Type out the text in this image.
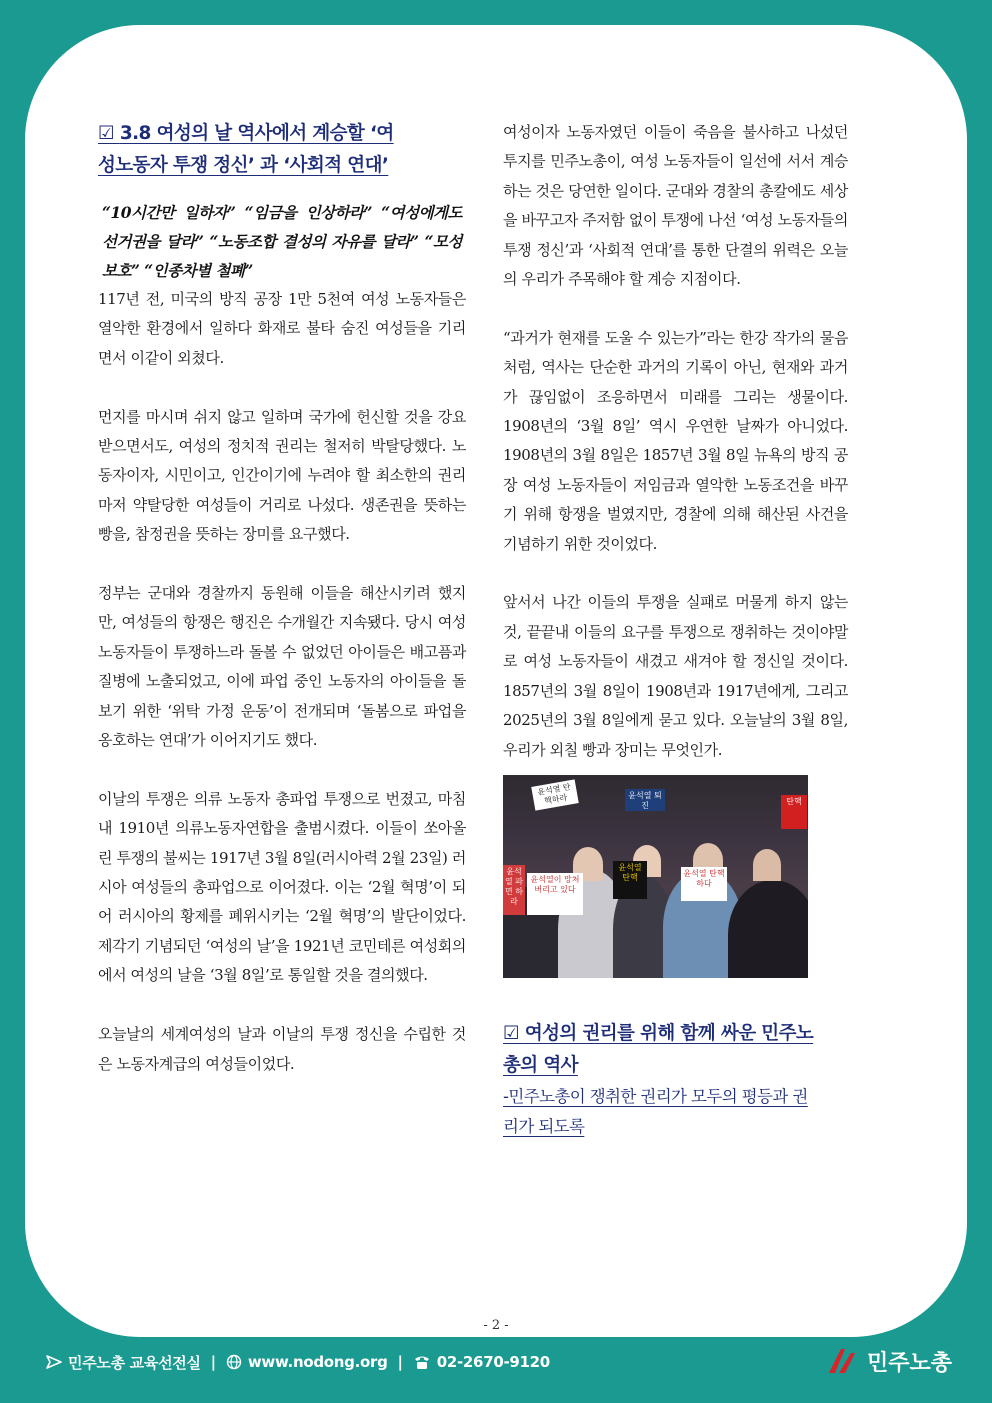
☑ 3.8 여성의 날 역사에서 계승할 ‘여
성노동자 투쟁 정신’ 과 ‘사회적 연대’
“10시간만 일하자” “임금을 인상하라” “여성에게도 선거권을 달라” “노동조합 결성의 자유를 달라” “모성보호” “인종차별 철폐”

117년 전, 미국의 방직 공장 1만 5천여 여성 노동자들은 열악한 환경에서 일하다 화재로 불타 숨진 여성들을 기리면서 이같이 외쳤다.

먼지를 마시며 쉬지 않고 일하며 국가에 헌신할 것을 강요받으면서도, 여성의 정치적 권리는 철저히 박탈당했다. 노동자이자, 시민이고, 인간이기에 누려야 할 최소한의 권리마저 약탈당한 여성들이 거리로 나섰다. 생존권을 뜻하는 빵을, 참정권을 뜻하는 장미를 요구했다.

정부는 군대와 경찰까지 동원해 이들을 해산시키려 했지만, 여성들의 항쟁은 행진은 수개월간 지속됐다. 당시 여성 노동자들이 투쟁하느라 돌볼 수 없었던 아이들은 배고픔과 질병에 노출되었고, 이에 파업 중인 노동자의 아이들을 돌보기 위한 ‘위탁 가정 운동’이 전개되며 ‘돌봄으로 파업을 옹호하는 연대’가 이어지기도 했다.

이날의 투쟁은 의류 노동자 총파업 투쟁으로 번졌고, 마침내 1910년 의류노동자연합을 출범시켰다. 이들이 쏘아올린 투쟁의 불씨는 1917년 3월 8일(러시아력 2월 23일) 러시아 여성들의 총파업으로 이어졌다. 이는 ‘2월 혁명’이 되어 러시아의 황제를 폐위시키는 ‘2월 혁명’의 발단이었다. 제각기 기념되던 ‘여성의 날’을 1921년 코민테른 여성회의에서 여성의 날을 ‘3월 8일’로 통일할 것을 결의했다.

오늘날의 세계여성의 날과 이날의 투쟁 정신을 수립한 것은 노동자계급의 여성들이었다.

여성이자 노동자였던 이들이 죽음을 불사하고 나섰던 투지를 민주노총이, 여성 노동자들이 일선에 서서 계승하는 것은 당연한 일이다. 군대와 경찰의 총칼에도 세상을 바꾸고자 주저함 없이 투쟁에 나선 ‘여성 노동자들의 투쟁 정신’과 ‘사회적 연대’를 통한 단결의 위력은 오늘의 우리가 주목해야 할 계승 지점이다.

“과거가 현재를 도울 수 있는가”라는 한강 작가의 물음처럼, 역사는 단순한 과거의 기록이 아닌, 현재와 과거가 끊임없이 조응하면서 미래를 그리는 생물이다. 1908년의 ‘3월 8일’ 역시 우연한 날짜가 아니었다. 1908년의 3월 8일은 1857년 3월 8일 뉴욕의 방직 공장 여성 노동자들이 저임금과 열악한 노동조건을 바꾸기 위해 항쟁을 벌였지만, 경찰에 의해 해산된 사건을 기념하기 위한 것이었다.

앞서서 나간 이들의 투쟁을 실패로 머물게 하지 않는 것, 끝끝내 이들의 요구를 투쟁으로 쟁취하는 것이야말로 여성 노동자들이 새겼고 새겨야 할 정신일 것이다. 1857년의 3월 8일이 1908년과 1917년에게, 그리고 2025년의 3월 8일에게 묻고 있다. 오늘날의 3월 8일, 우리가 외칠 빵과 장미는 무엇인가.

윤석열 탄핵하라	윤석열 퇴진
윤석열 파면 하라
윤석열 탄핵
윤석열이 망쳐버리고 있다
윤석열 탄핵하다
탄핵
☑ 여성의 권리를 위해 함께 싸운 민주노
총의 역사
-민주노총이 쟁취한 권리가 모두의 평등과 권
리가 되도록
- 2 -
민주노총 교육선전실 | www.nodong.org | 02-2670-9120	민주노총
